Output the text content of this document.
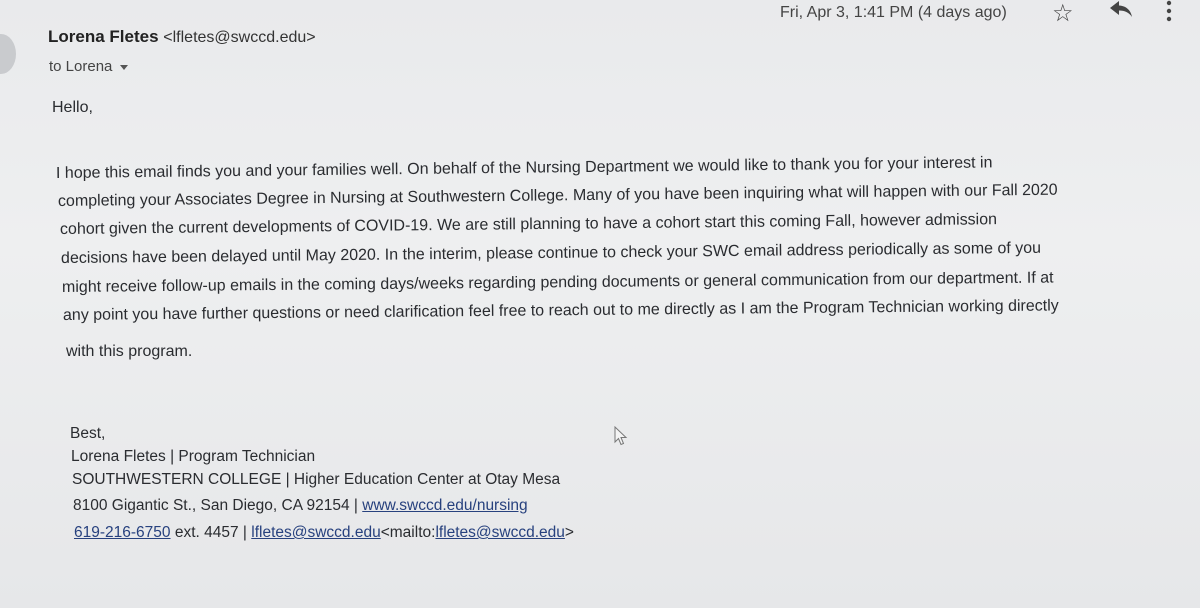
Lorena Fletes <lfletes@swccd.edu>
to Lorena
Fri, Apr 3, 1:41 PM (4 days ago) ☆
Hello,
I hope this email finds you and your families well. On behalf of the Nursing Department we would like to thank you for your interest in
completing your Associates Degree in Nursing at Southwestern College. Many of you have been inquiring what will happen with our Fall 2020
cohort given the current developments of COVID-19. We are still planning to have a cohort start this coming Fall, however admission
decisions have been delayed until May 2020. In the interim, please continue to check your SWC email address periodically as some of you
might receive follow-up emails in the coming days/weeks regarding pending documents or general communication from our department. If at
any point you have further questions or need clarification feel free to reach out to me directly as I am the Program Technician working directly
with this program.
Best,
Lorena Fletes | Program Technician
SOUTHWESTERN COLLEGE | Higher Education Center at Otay Mesa
8100 Gigantic St., San Diego, CA 92154 | www.swccd.edu/nursing
619-216-6750 ext. 4457 | lfletes@swccd.edu<mailto:lfletes@swccd.edu>
